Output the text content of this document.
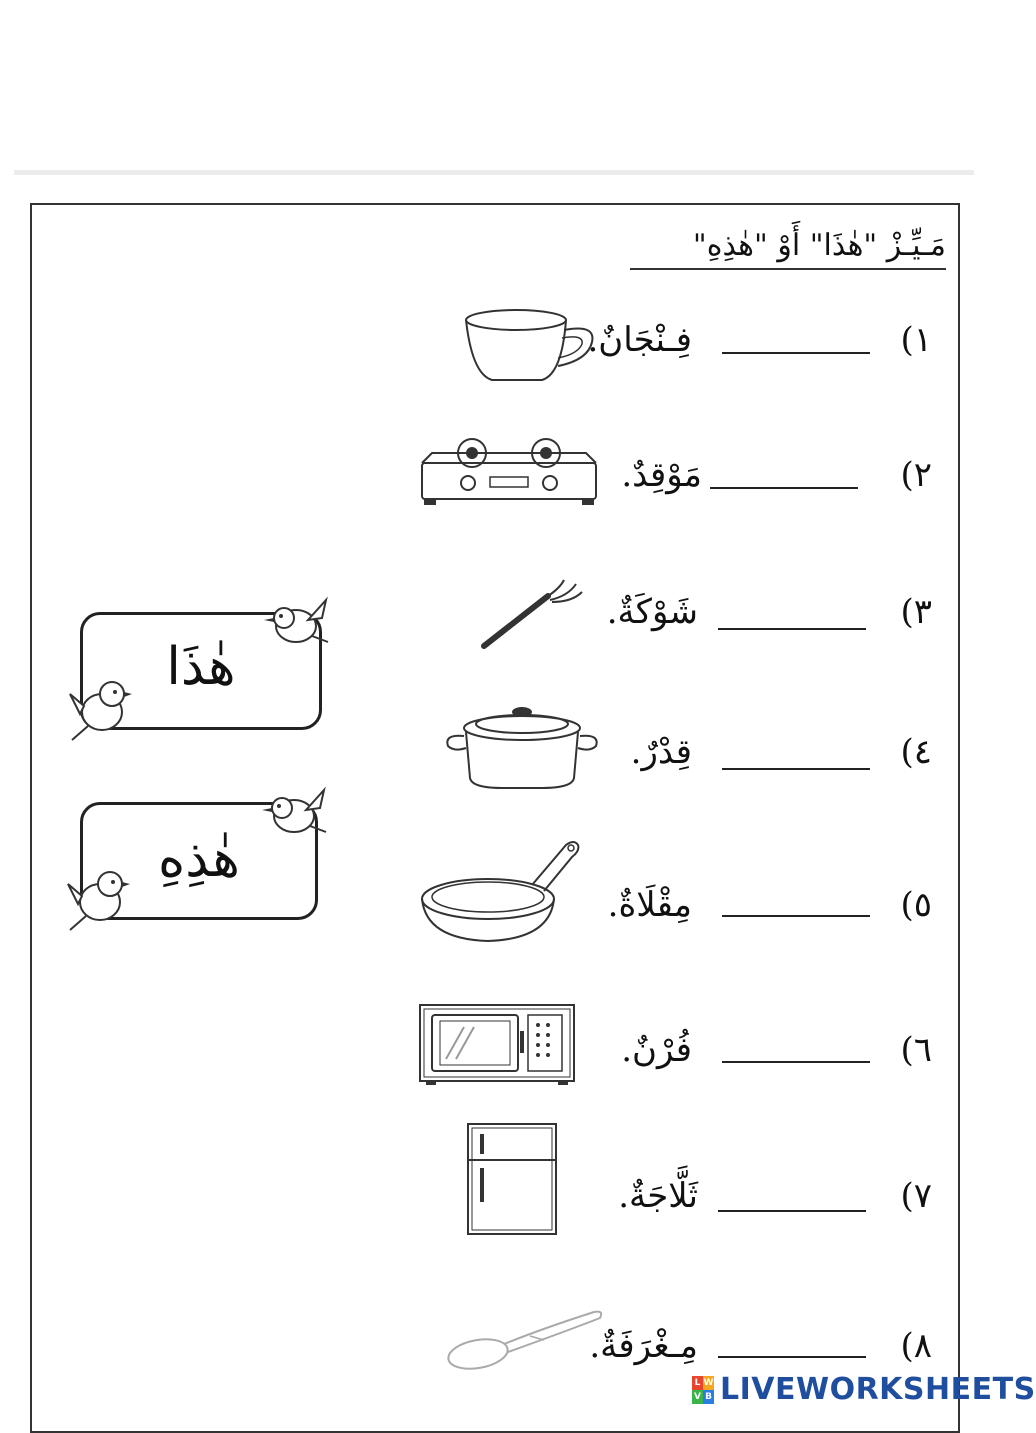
مَـيِّـزْ "هٰذَا" أَوْ "هٰذِهِ"
١)
فِـنْجَانٌ.
٢)
مَوْقِدٌ.
٣)
شَوْكَةٌ.
٤)
قِدْرٌ.
٥)
مِقْلَاةٌ.
٦)
فُرْنٌ.
٧)
ثَلَّاجَةٌ.
٨)
مِـغْرَفَةٌ.
هٰذَا
هٰذِهِ
L W
V B LIVEWORKSHEETS
